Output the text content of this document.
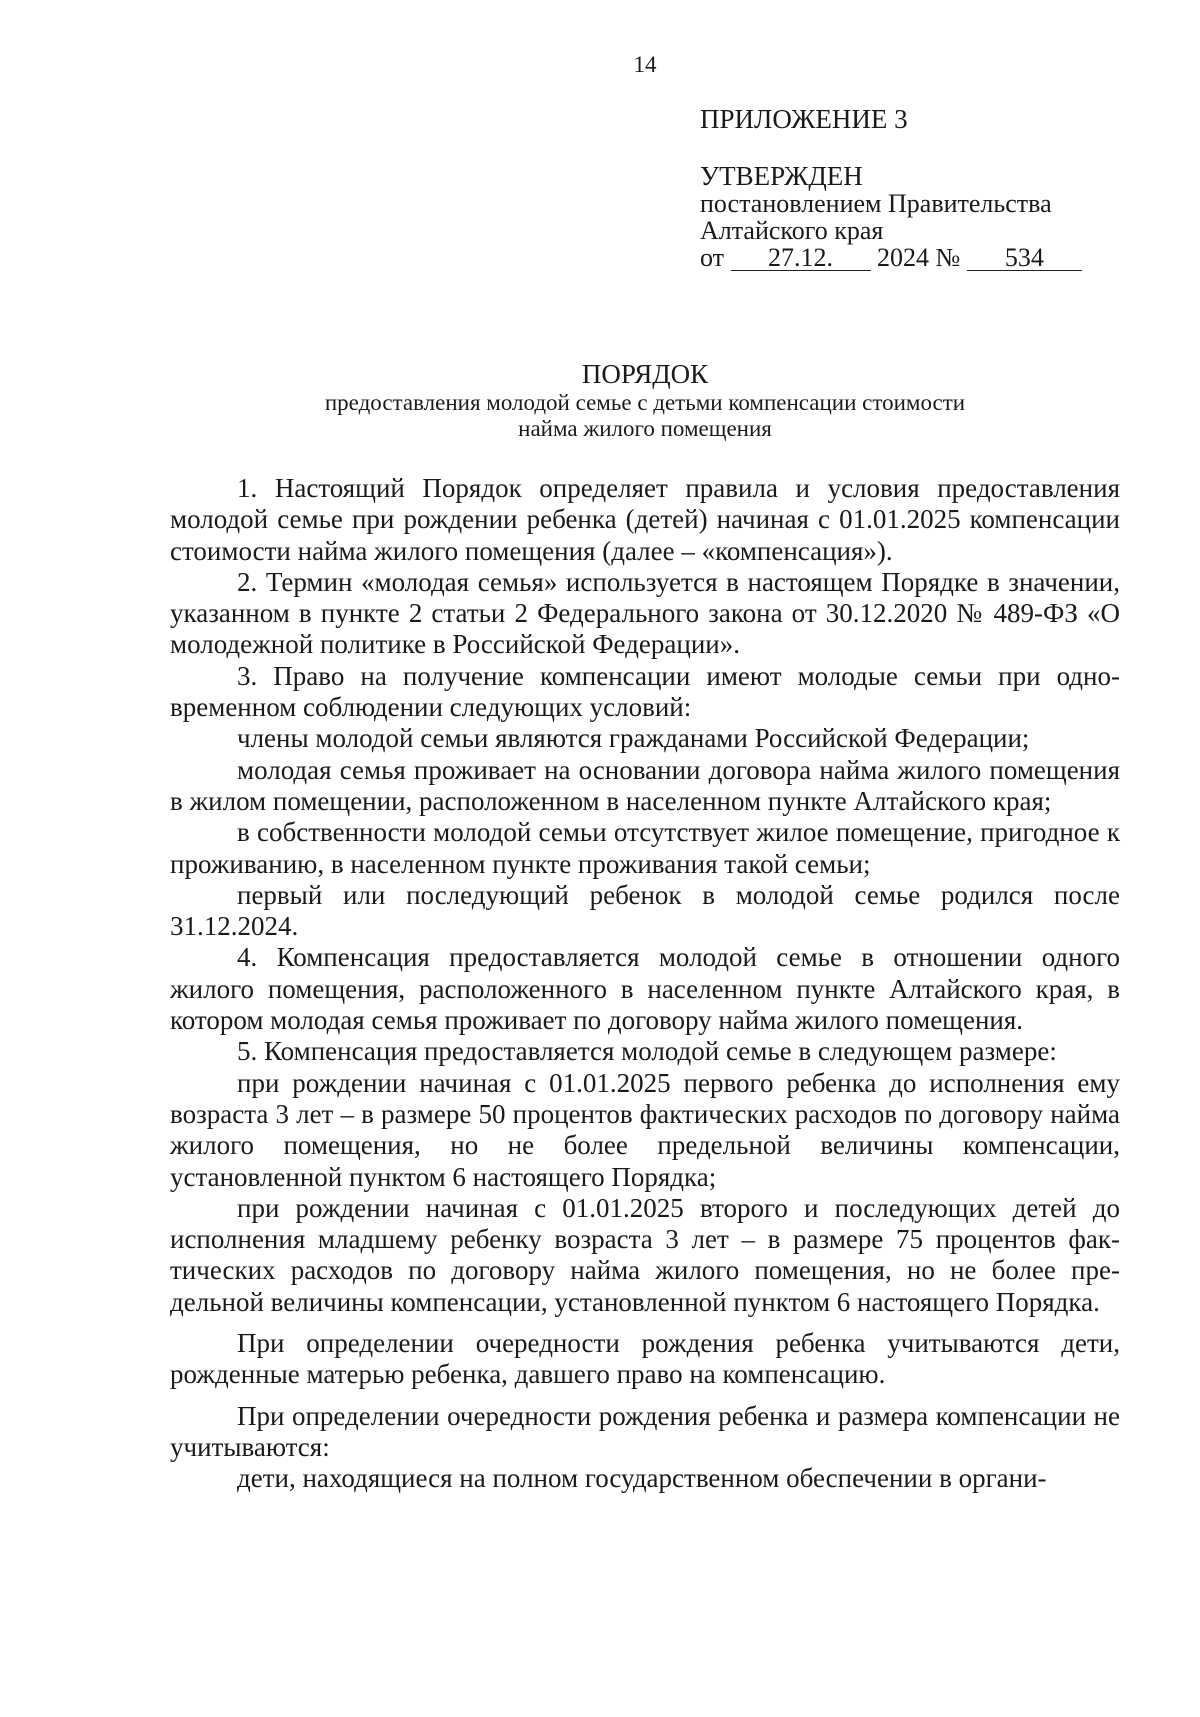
14
ПРИЛОЖЕНИЕ 3
УТВЕРЖДЕН
постановлением Правительства
Алтайского края
от 27.12. 2024 № 534
ПОРЯДОК
предоставления молодой семье с детьми компенсации стоимости
найма жилого помещения

1. Настоящий Порядок определяет правила и условия предоставления молодой семье при рождении ребенка (детей) начиная с 01.01.2025 компенсации стоимости найма жилого помещения (далее – «компенсация»).

2. Термин «молодая семья» используется в настоящем Порядке в значении, указанном в пункте 2 статьи 2 Федерального закона от 30.12.2020 № 489-ФЗ «О молодежной политике в Российской Федерации».

3. Право на получение компенсации имеют молодые семьи при одновременном соблюдении следующих условий:

члены молодой семьи являются гражданами Российской Федерации;

молодая семья проживает на основании договора найма жилого помещения в жилом помещении, расположенном в населенном пункте Алтайского края;

в собственности молодой семьи отсутствует жилое помещение, пригодное к проживанию, в населенном пункте проживания такой семьи;

первый или последующий ребенок в молодой семье родился после 31.12.2024.

4. Компенсация предоставляется молодой семье в отношении одного жилого помещения, расположенного в населенном пункте Алтайского края, в котором молодая семья проживает по договору найма жилого помещения.

5. Компенсация предоставляется молодой семье в следующем размере:

при рождении начиная с 01.01.2025 первого ребенка до исполнения ему возраста 3 лет – в размере 50 процентов фактических расходов по договору найма жилого помещения, но не более предельной величины компенсации, установленной пунктом 6 настоящего Порядка;

при рождении начиная с 01.01.2025 второго и последующих детей до исполнения младшему ребенку возраста 3 лет – в размере 75 процентов фактических расходов по договору найма жилого помещения, но не более предельной величины компенсации, установленной пунктом 6 настоящего Порядка.

При определении очередности рождения ребенка учитываются дети, рожденные матерью ребенка, давшего право на компенсацию.

При определении очередности рождения ребенка и размера компенсации не учитываются:

дети, находящиеся на полном государственном обеспечении в органи-
